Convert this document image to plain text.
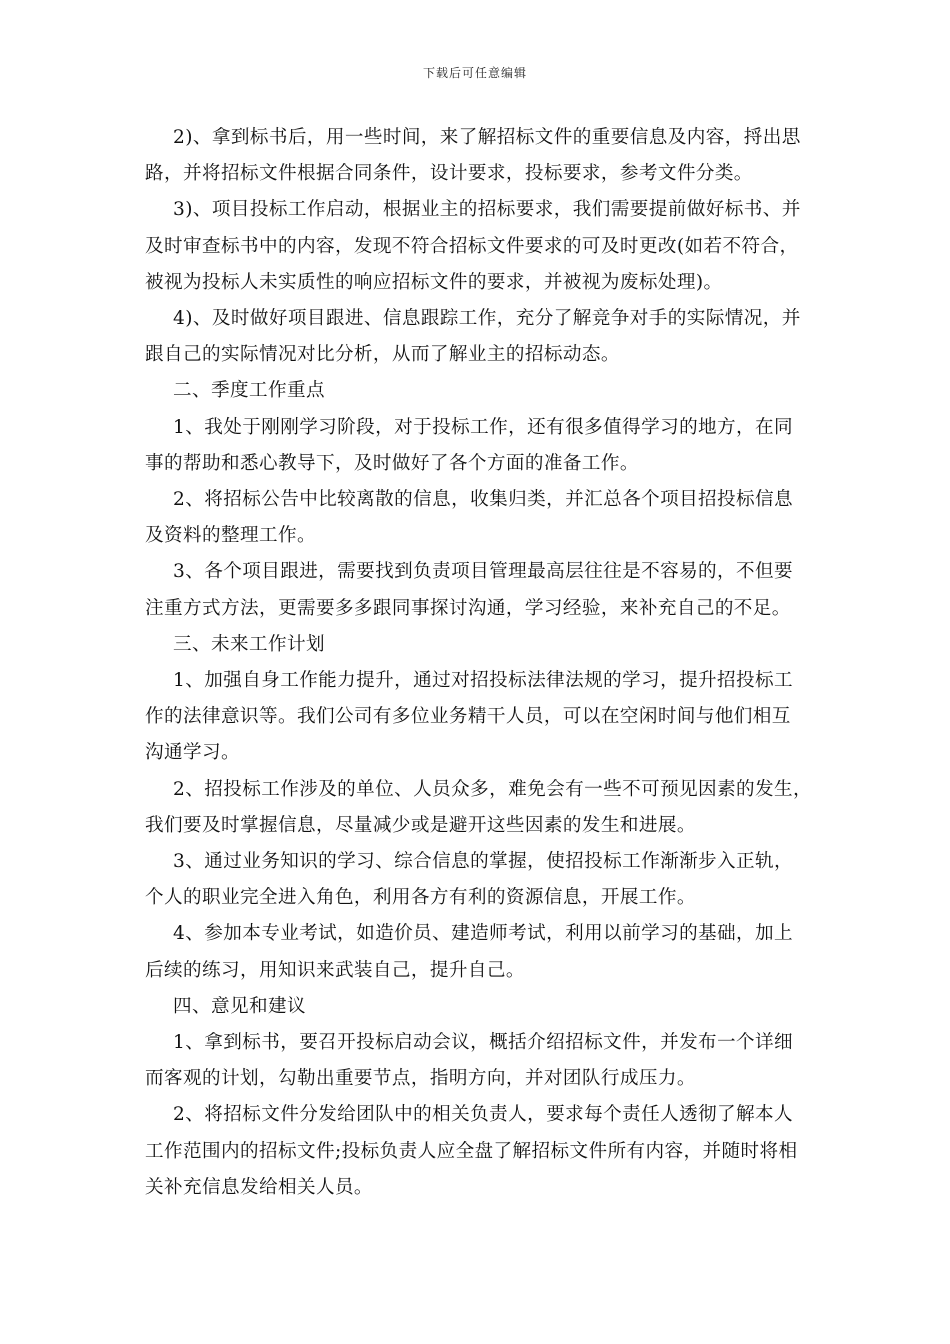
下载后可任意编辑
2)、拿到标书后，用一些时间，来了解招标文件的重要信息及内容，捋出思
路，并将招标文件根据合同条件，设计要求，投标要求，参考文件分类。
3)、项目投标工作启动，根据业主的招标要求，我们需要提前做好标书、并
及时审查标书中的内容，发现不符合招标文件要求的可及时更改(如若不符合，
被视为投标人未实质性的响应招标文件的要求，并被视为废标处理)。
4)、及时做好项目跟进、信息跟踪工作，充分了解竞争对手的实际情况，并
跟自己的实际情况对比分析，从而了解业主的招标动态。
二、季度工作重点
1、我处于刚刚学习阶段，对于投标工作，还有很多值得学习的地方，在同
事的帮助和悉心教导下，及时做好了各个方面的准备工作。
2、将招标公告中比较离散的信息，收集归类，并汇总各个项目招投标信息
及资料的整理工作。
3、各个项目跟进，需要找到负责项目管理最高层往往是不容易的，不但要
注重方式方法，更需要多多跟同事探讨沟通，学习经验，来补充自己的不足。
三、未来工作计划
1、加强自身工作能力提升，通过对招投标法律法规的学习，提升招投标工
作的法律意识等。我们公司有多位业务精干人员，可以在空闲时间与他们相互
沟通学习。
2、招投标工作涉及的单位、人员众多，难免会有一些不可预见因素的发生，
我们要及时掌握信息，尽量减少或是避开这些因素的发生和进展。
3、通过业务知识的学习、综合信息的掌握，使招投标工作渐渐步入正轨，
个人的职业完全进入角色，利用各方有利的资源信息，开展工作。
4、参加本专业考试，如造价员、建造师考试，利用以前学习的基础，加上
后续的练习，用知识来武装自己，提升自己。
四、意见和建议
1、拿到标书，要召开投标启动会议，概括介绍招标文件，并发布一个详细
而客观的计划，勾勒出重要节点，指明方向，并对团队行成压力。
2、将招标文件分发给团队中的相关负责人，要求每个责任人透彻了解本人
工作范围内的招标文件;投标负责人应全盘了解招标文件所有内容，并随时将相
关补充信息发给相关人员。
